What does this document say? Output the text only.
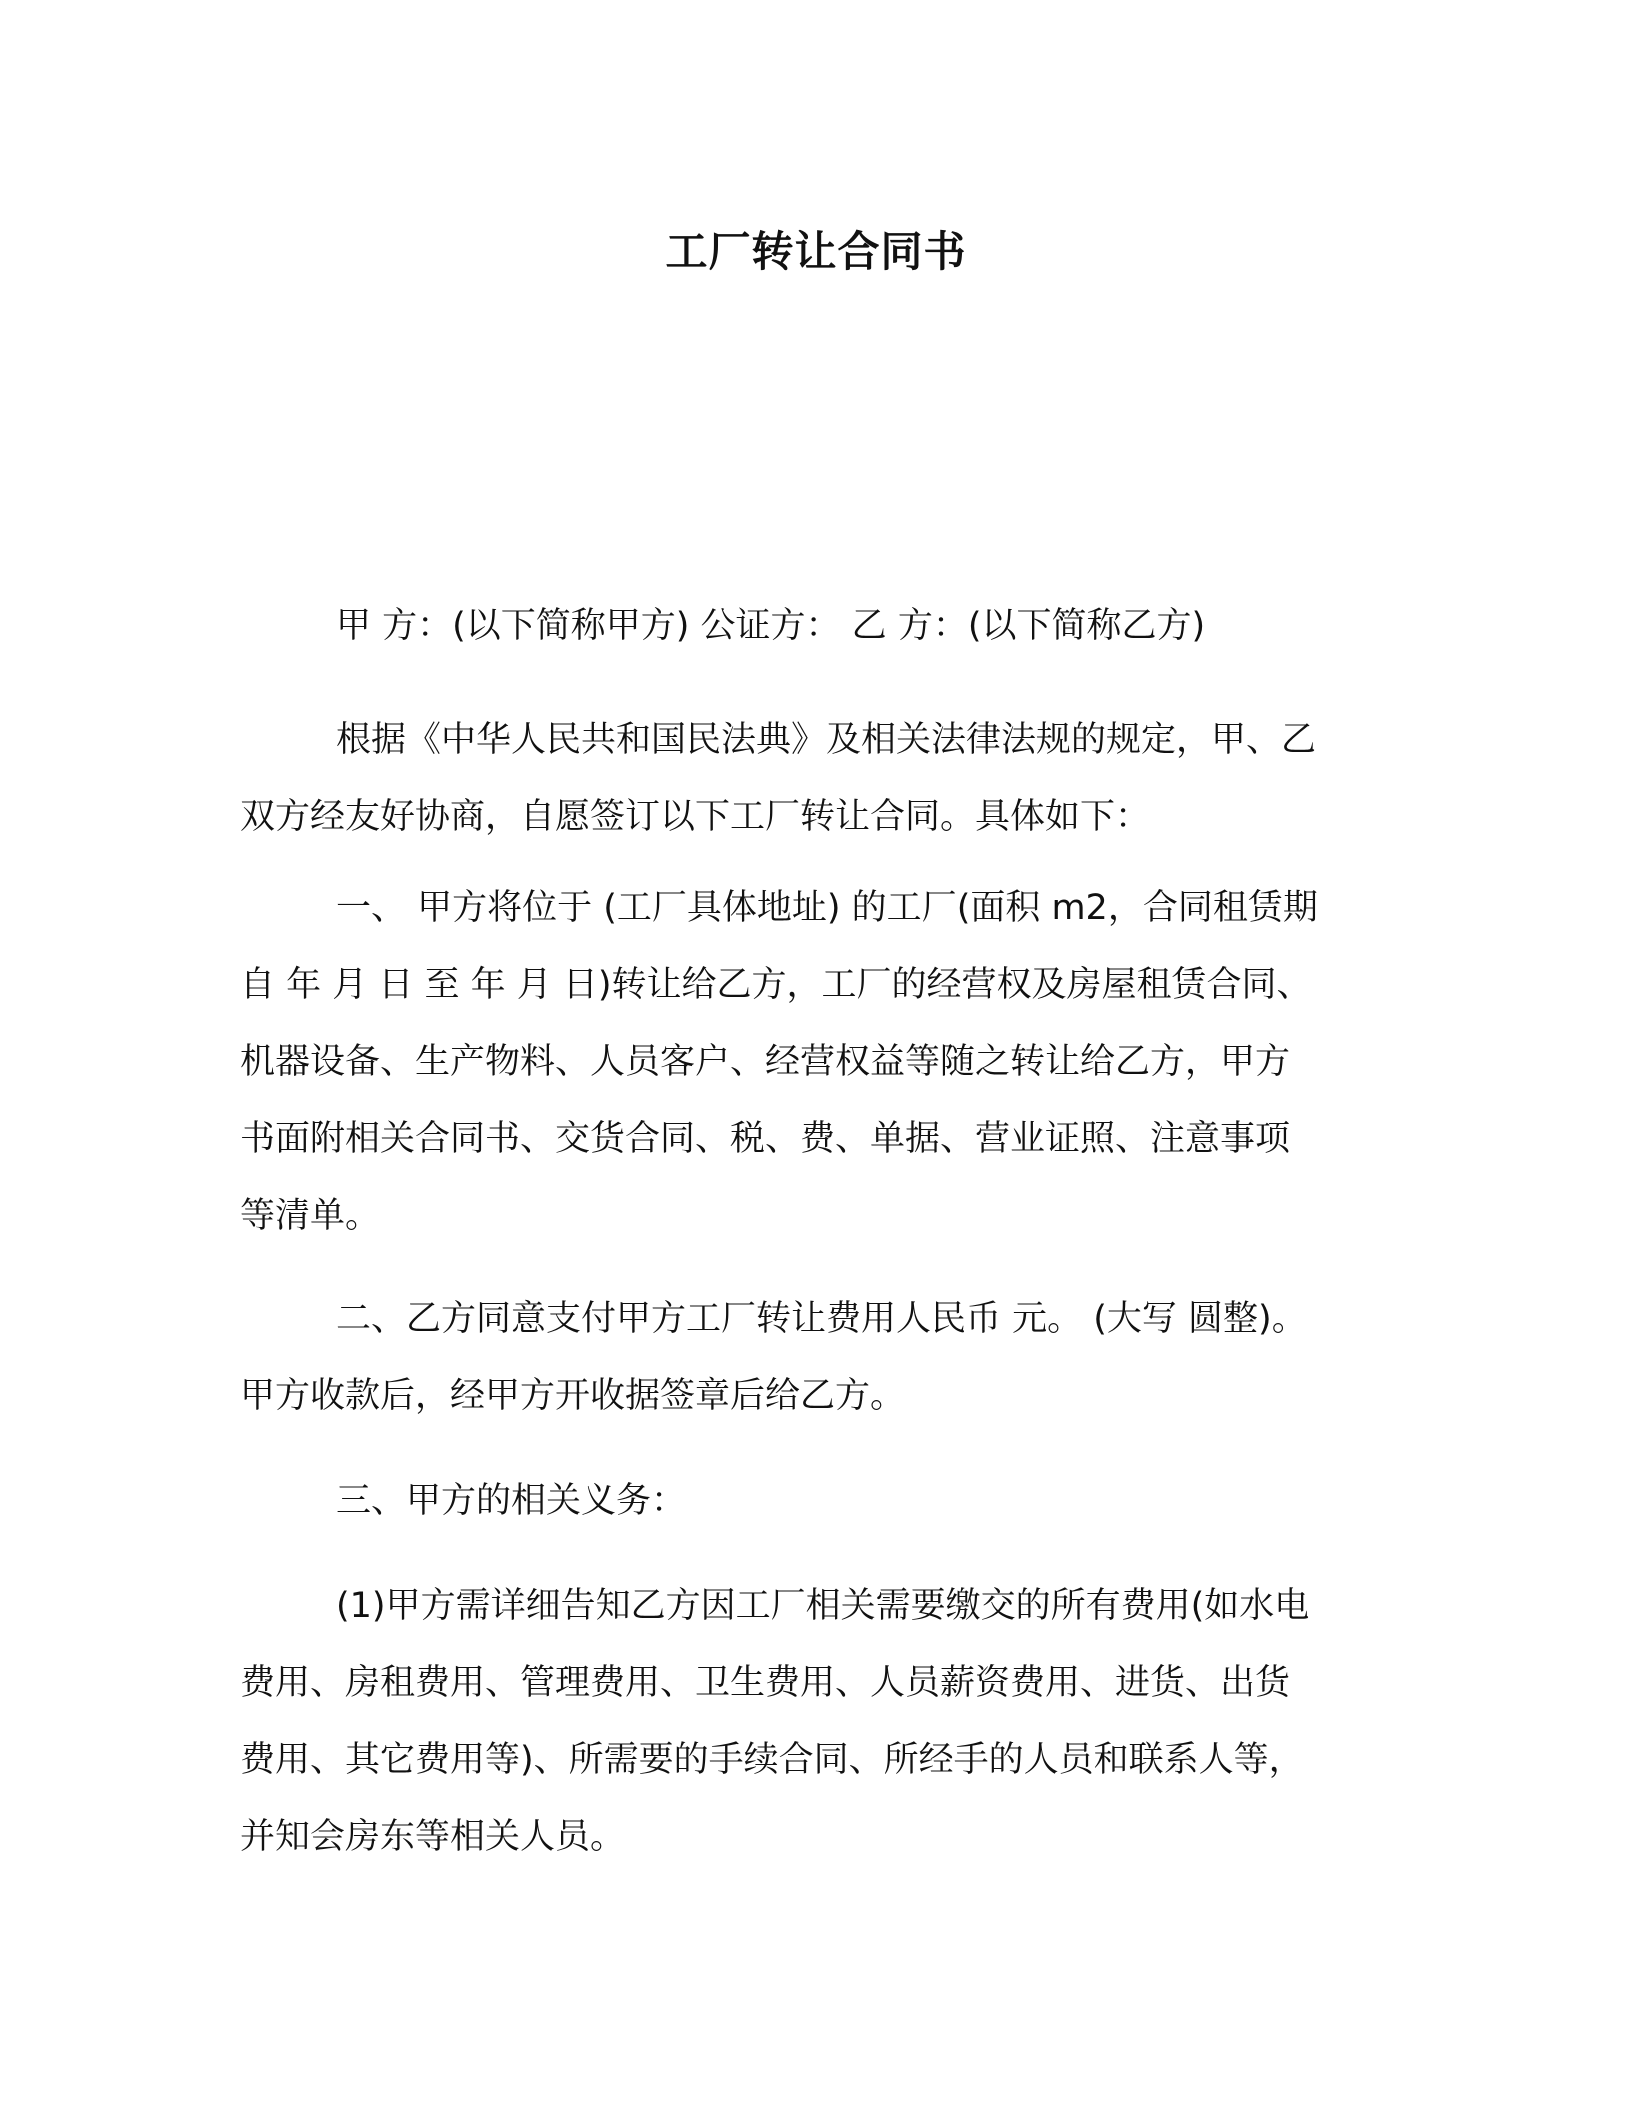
工厂转让合同书
甲 方：(以下简称甲方) 公证方： 乙 方：(以下简称乙方)
根据《中华人民共和国民法典》及相关法律法规的规定，甲、乙
双方经友好协商，自愿签订以下工厂转让合同。具体如下：
一、 甲方将位于 (工厂具体地址) 的工厂(面积 m2，合同租赁期
自 年 月 日 至 年 月 日)转让给乙方，工厂的经营权及房屋租赁合同、
机器设备、生产物料、人员客户、经营权益等随之转让给乙方，甲方
书面附相关合同书、交货合同、税、费、单据、营业证照、注意事项
等清单。
二、乙方同意支付甲方工厂转让费用人民币 元。 (大写 圆整)。
甲方收款后，经甲方开收据签章后给乙方。
三、甲方的相关义务：
(1)甲方需详细告知乙方因工厂相关需要缴交的所有费用(如水电
费用、房租费用、管理费用、卫生费用、人员薪资费用、进货、出货
费用、其它费用等)、所需要的手续合同、所经手的人员和联系人等，
并知会房东等相关人员。
